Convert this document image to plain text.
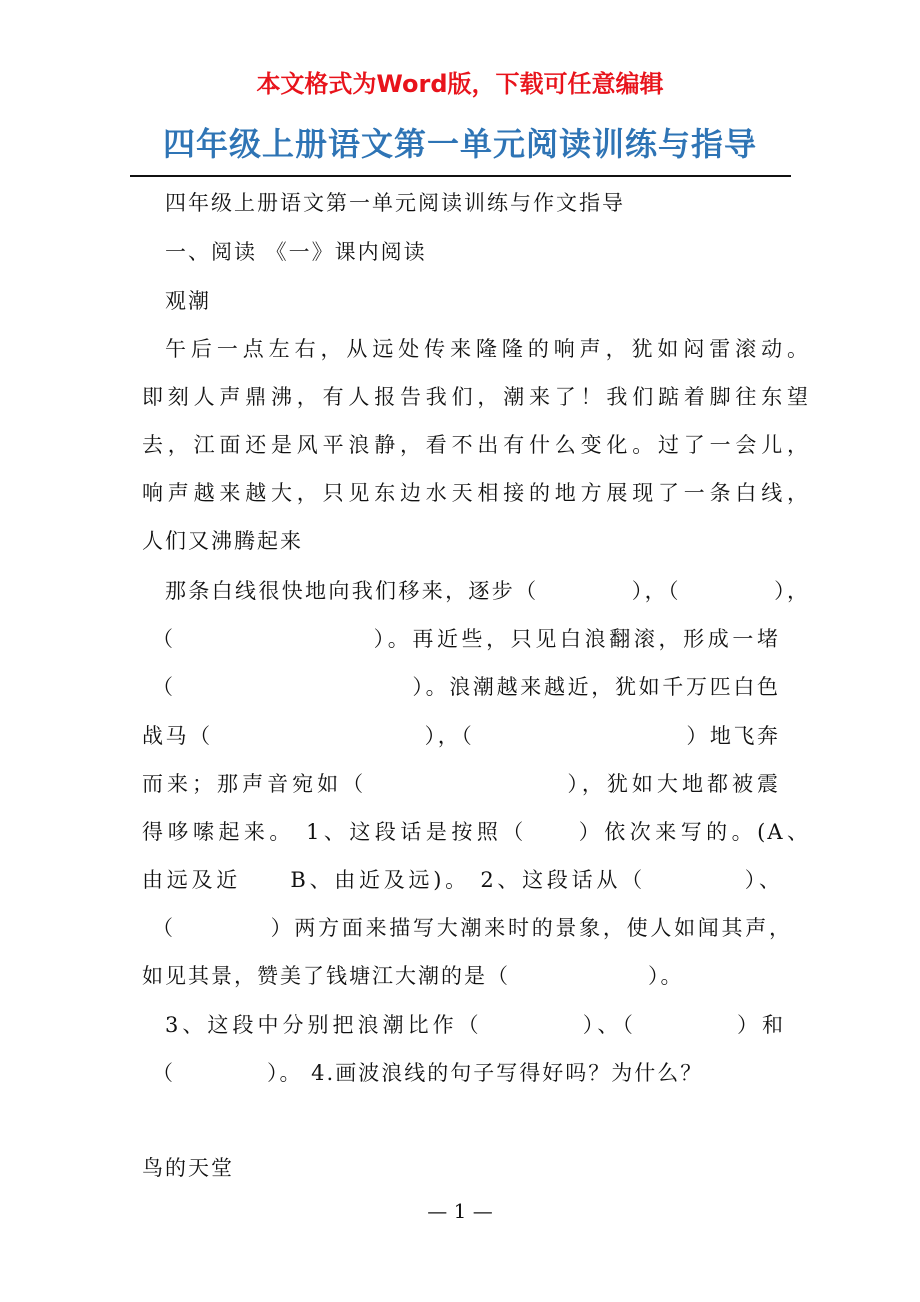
本文格式为Word版，下载可任意编辑
四年级上册语文第一单元阅读训练与指导
四年级上册语文第一单元阅读训练与作文指导
一、阅读 《一》课内阅读
观潮
午后一点左右，从远处传来隆隆的响声，犹如闷雷滚动。
即刻人声鼎沸，有人报告我们，潮来了！我们踮着脚往东望
去，江面还是风平浪静，看不出有什么变化。过了一会儿，
响声越来越大，只见东边水天相接的地方展现了一条白线，
人们又沸腾起来
那条白线很快地向我们移来，逐步（　　　　），（　　　　），
（　　　　　　　　）。再近些，只见白浪翻滚，形成一堵
（　　　　　　　　　　）。浪潮越来越近，犹如千万匹白色
战马（　　　　　　　　　），（　　　　　　　　　）地飞奔
而来；那声音宛如（　　　　　　　　），犹如大地都被震
得哆嗦起来。 1、这段话是按照（　　）依次来写的。(A、
由远及近　　B、由近及远)。 2、这段话从（　　　　）、
（　　　　）两方面来描写大潮来时的景象，使人如闻其声，
如见其景，赞美了钱塘江大潮的是（　　　　　　）。
3、这段中分别把浪潮比作（　　　　）、（　　　　）和
（　　　　）。 4.画波浪线的句子写得好吗？为什么？
鸟的天堂
— 1 —
